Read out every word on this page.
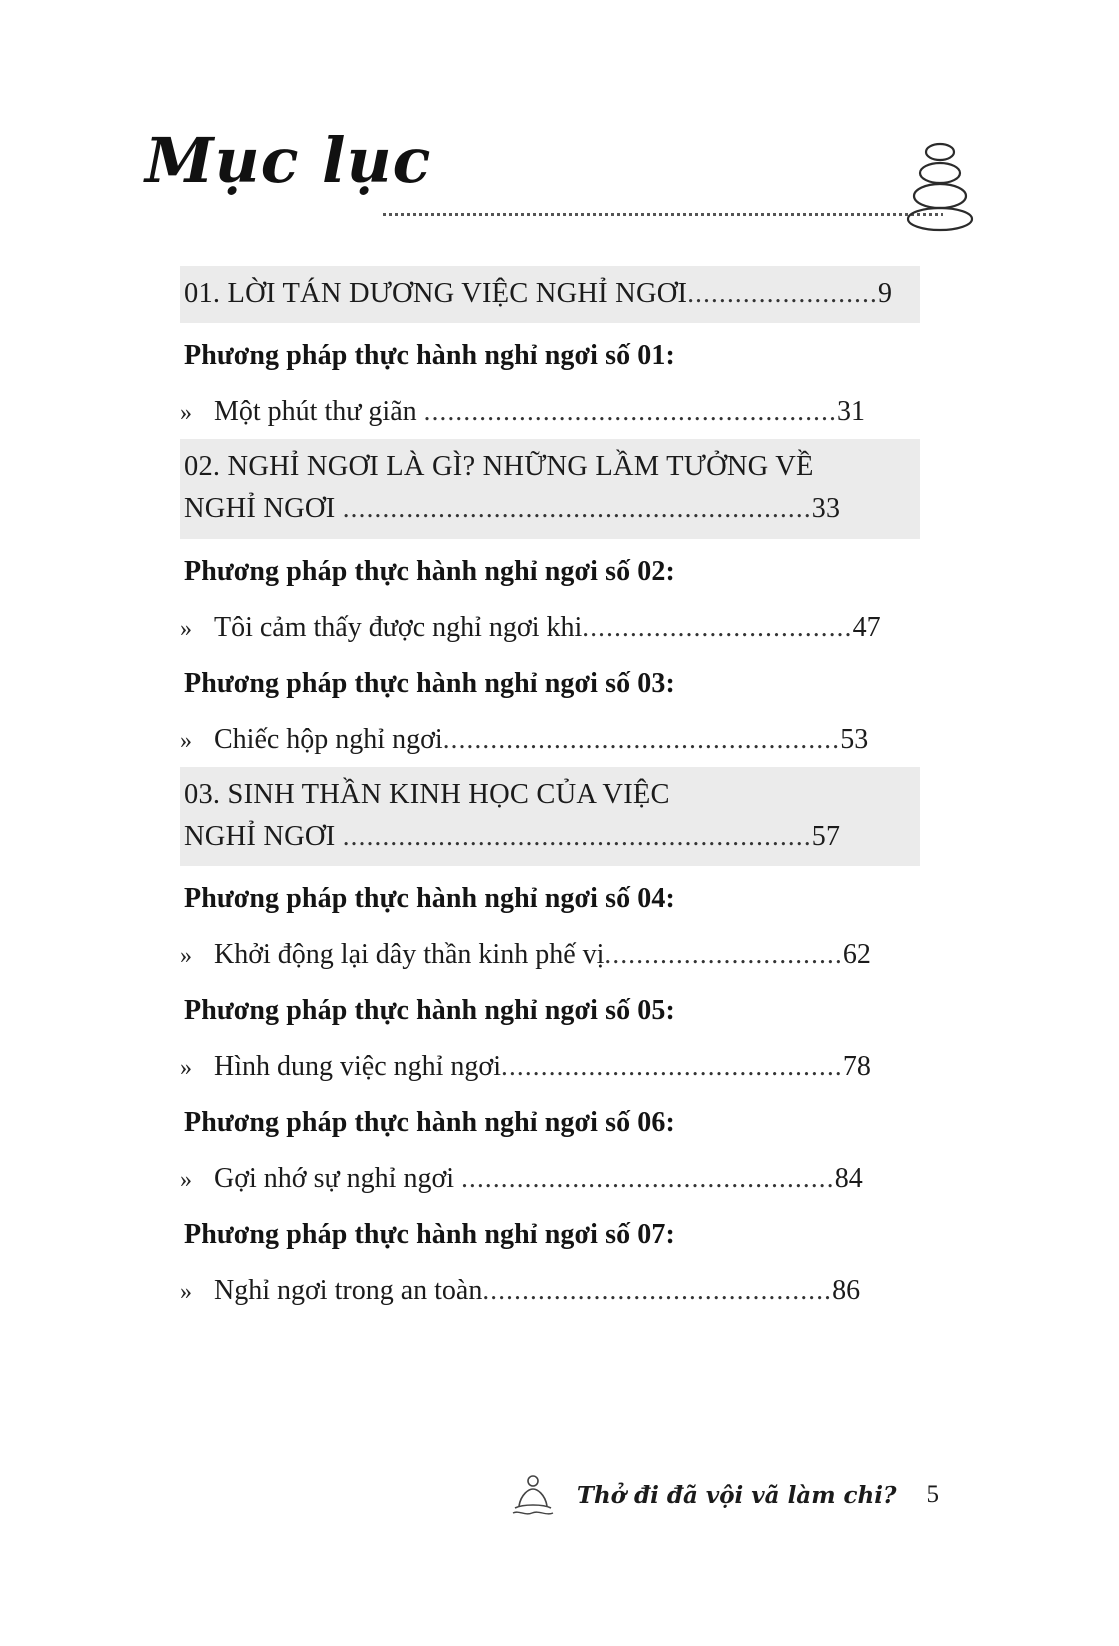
Mục lục
01. LỜI TÁN DƯƠNG VIỆC NGHỈ NGƠI........................9
Phương pháp thực hành nghỉ ngơi số 01:
» Một phút thư giãn ....................................................31
02. NGHỈ NGƠI LÀ GÌ? NHỮNG LẦM TƯỞNG VỀ
NGHỈ NGƠI ...........................................................33
Phương pháp thực hành nghỉ ngơi số 02:
» Tôi cảm thấy được nghỉ ngơi khi..................................47
Phương pháp thực hành nghỉ ngơi số 03:
» Chiếc hộp nghỉ ngơi..................................................53
03. SINH THẦN KINH HỌC CỦA VIỆC
NGHỈ NGƠI ...........................................................57
Phương pháp thực hành nghỉ ngơi số 04:
» Khởi động lại dây thần kinh phế vị..............................62
Phương pháp thực hành nghỉ ngơi số 05:
» Hình dung việc nghỉ ngơi...........................................78
Phương pháp thực hành nghỉ ngơi số 06:
» Gợi nhớ sự nghỉ ngơi ...............................................84
Phương pháp thực hành nghỉ ngơi số 07:
» Nghỉ ngơi trong an toàn............................................86
Thở đi đã vội vã làm chi? 5
